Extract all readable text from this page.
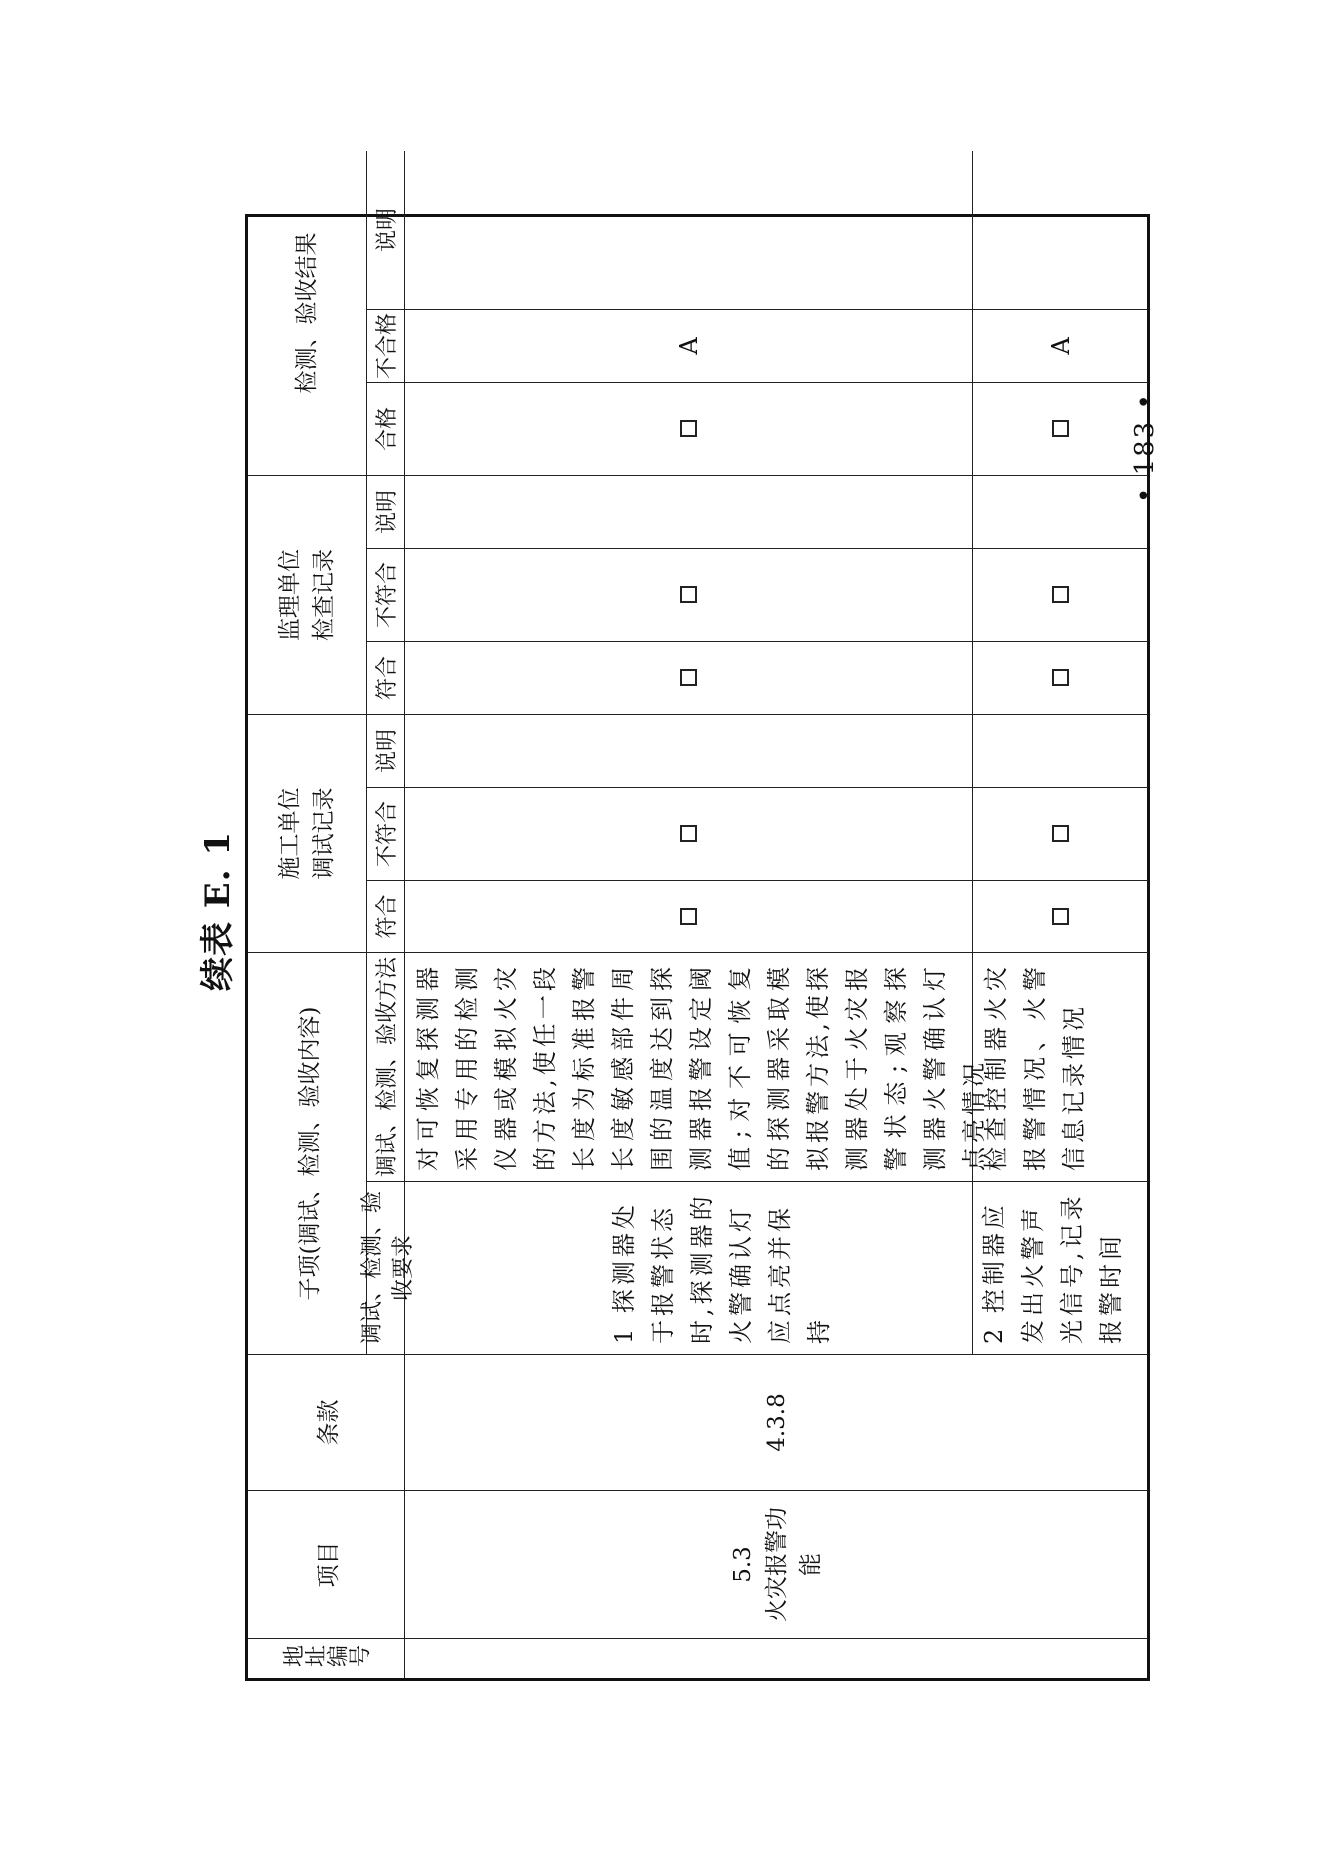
续表 E. 1
地址编号
项目
条款
子项(调试、检测、验收内容)
施工单位调试记录
监理单位检查记录
检测、验收结果
调试、检测、验收要求
调试、检测、验收方法
符合
不符合
说明
符合
不符合
说明
合格
不合格
说明
5.3 火灾报警功能
4.3.8
1 探测器处于报警状态时,探测器的火警确认灯应点亮并保持
对可恢复探测器采用专用的检测仪器或模拟火灾的方法,使任一段长度为标准报警长度敏感部件周围的温度达到探测器报警设定阈值;对不可恢复的探测器采取模拟报警方法,使探测器处于火灾报警状态;观察探测器火警确认灯点亮情况
A
2 控制器应发出火警声光信号,记录报警时间
检查控制器火灾报警情况、火警信息记录情况
A
• 183 •
